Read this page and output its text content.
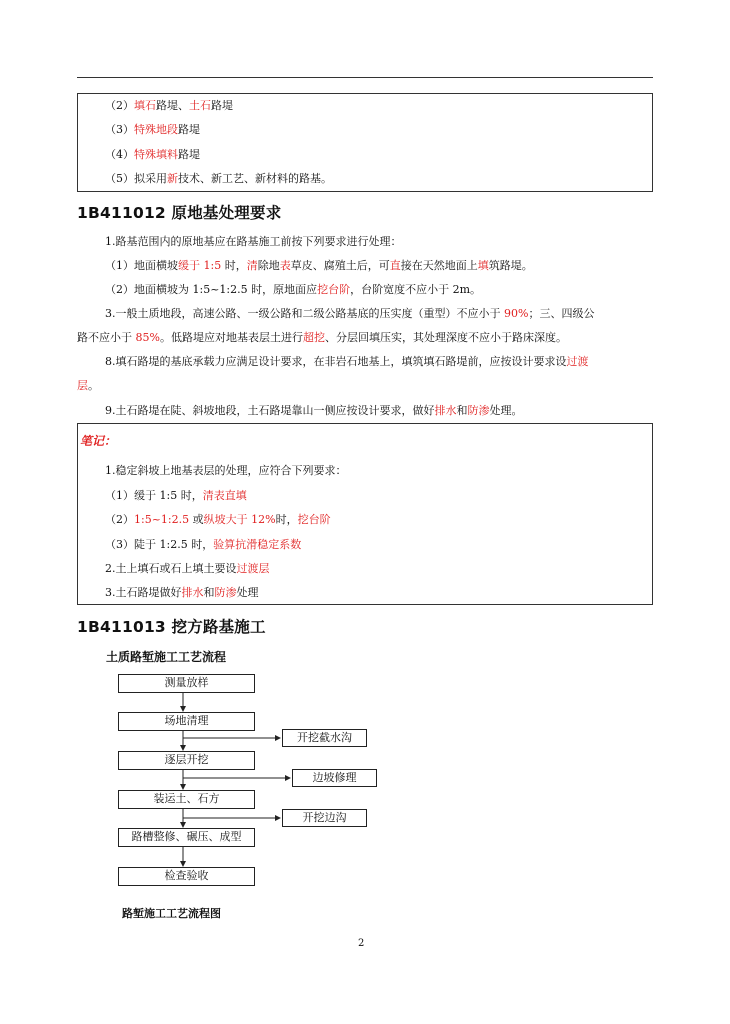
（2）填石路堤、土石路堤
（3）特殊地段路堤
（4）特殊填料路堤
（5）拟采用新技术、新工艺、新材料的路基。
1B411012 原地基处理要求
1.路基范围内的原地基应在路基施工前按下列要求进行处理：
（1）地面横坡缓于 1:5 时，清除地表草皮、腐殖土后，可直接在天然地面上填筑路堤。
（2）地面横坡为 1:5~1:2.5 时，原地面应挖台阶，台阶宽度不应小于 2m。
3.一般土质地段，高速公路、一级公路和二级公路基底的压实度（重型）不应小于 90%；三、四级公
路不应小于 85%。低路堤应对地基表层土进行超挖、分层回填压实，其处理深度不应小于路床深度。
8.填石路堤的基底承载力应满足设计要求，在非岩石地基上，填筑填石路堤前，应按设计要求设过渡
层。
9.土石路堤在陡、斜坡地段，土石路堤靠山一侧应按设计要求，做好排水和防渗处理。
笔记：
1.稳定斜坡上地基表层的处理，应符合下列要求：
（1）缓于 1:5 时，清表直填
（2）1:5~1:2.5 或纵坡大于 12%时，挖台阶
（3）陡于 1:2.5 时，验算抗滑稳定系数
2.土上填石或石上填土要设过渡层
3.土石路堤做好排水和防渗处理
1B411013 挖方路基施工
土质路堑施工工艺流程
测量放样
场地清理
逐层开挖
装运土、石方
路槽整修、碾压、成型
检查验收
开挖截水沟
边坡修理
开挖边沟
路堑施工工艺流程图
2
